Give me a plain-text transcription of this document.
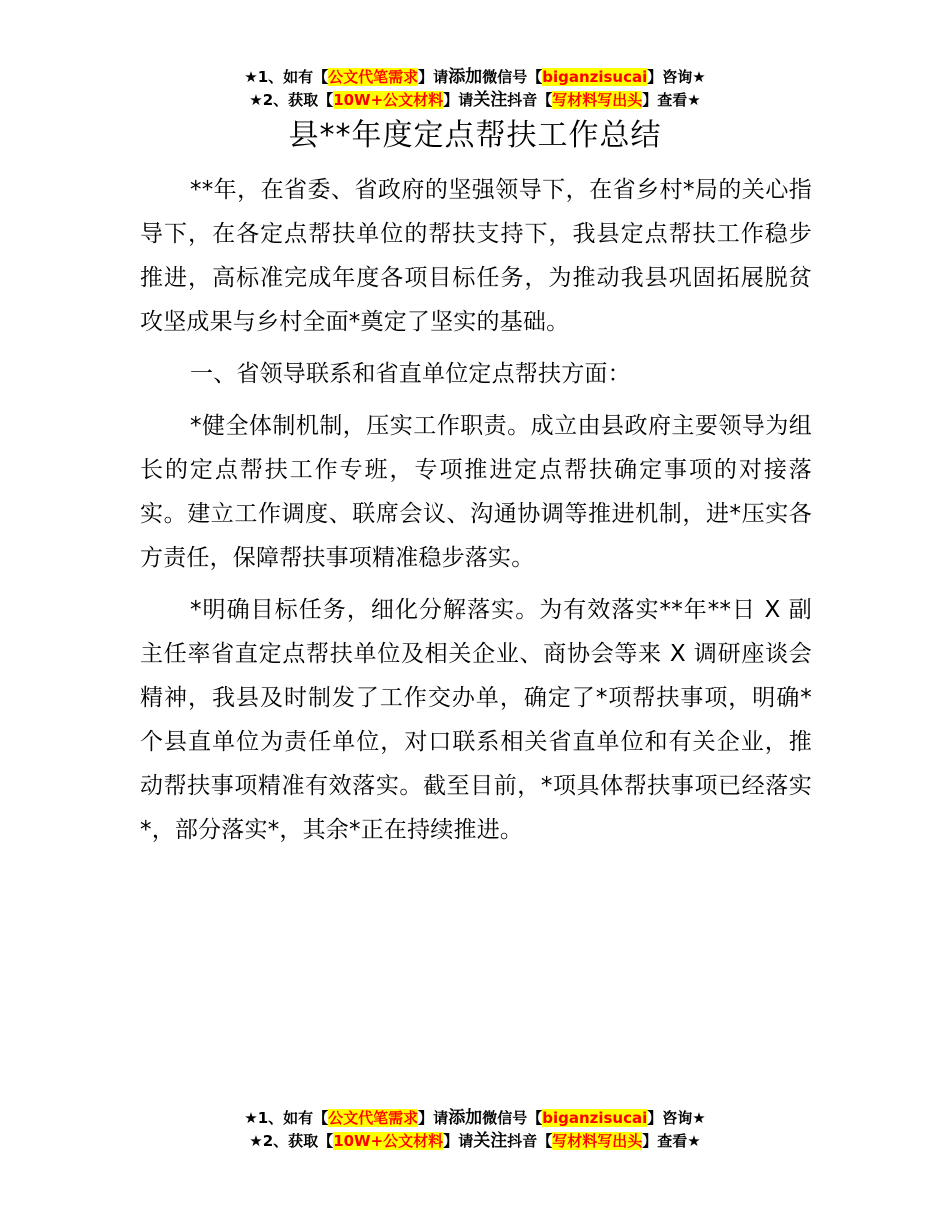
★1、如有【公文代笔需求】请添加微信号【biganzisucai】咨询★
★2、获取【10W+公文材料】请关注抖音【写材料写出头】查看★
县**年度定点帮扶工作总结

**年，在省委、省政府的坚强领导下，在省乡村*局的关心指导下，在各定点帮扶单位的帮扶支持下，我县定点帮扶工作稳步推进，高标准完成年度各项目标任务，为推动我县巩固拓展脱贫攻坚成果与乡村全面*奠定了坚实的基础。

一、省领导联系和省直单位定点帮扶方面：

*健全体制机制，压实工作职责。成立由县政府主要领导为组长的定点帮扶工作专班，专项推进定点帮扶确定事项的对接落实。建立工作调度、联席会议、沟通协调等推进机制，进*压实各方责任，保障帮扶事项精准稳步落实。

*明确目标任务，细化分解落实。为有效落实**年**日 X 副主任率省直定点帮扶单位及相关企业、商协会等来 X 调研座谈会精神，我县及时制发了工作交办单，确定了*项帮扶事项，明确*个县直单位为责任单位，对口联系相关省直单位和有关企业，推动帮扶事项精准有效落实。截至目前，*项具体帮扶事项已经落实*，部分落实*，其余*正在持续推进。

★1、如有【公文代笔需求】请添加微信号【biganzisucai】咨询★
★2、获取【10W+公文材料】请关注抖音【写材料写出头】查看★
